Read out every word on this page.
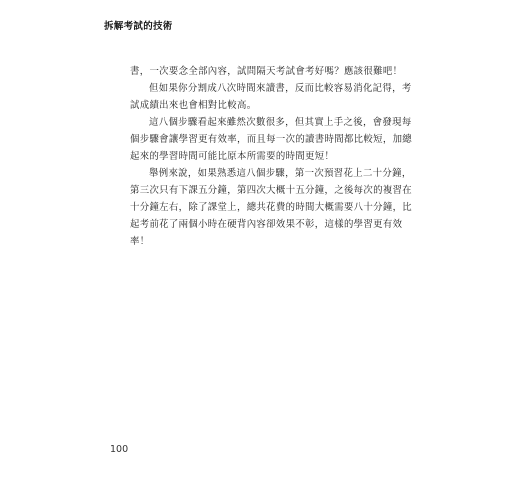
拆解考試的技術
書，一次要念全部內容，試問隔天考試會考好嗎？應該很難吧！
但如果你分割成八次時間來讀書，反而比較容易消化記得，考
試成績出來也會相對比較高。
這八個步驟看起來雖然次數很多，但其實上手之後，會發現每
個步驟會讓學習更有效率，而且每一次的讀書時間都比較短，加總
起來的學習時間可能比原本所需要的時間更短！
舉例來說，如果熟悉這八個步驟，第一次預習花上二十分鐘，
第三次只有下課五分鐘，第四次大概十五分鐘，之後每次的複習在
十分鐘左右，除了課堂上，總共花費的時間大概需要八十分鐘，比
起考前花了兩個小時在硬背內容卻效果不彰，這樣的學習更有效
率！
100
